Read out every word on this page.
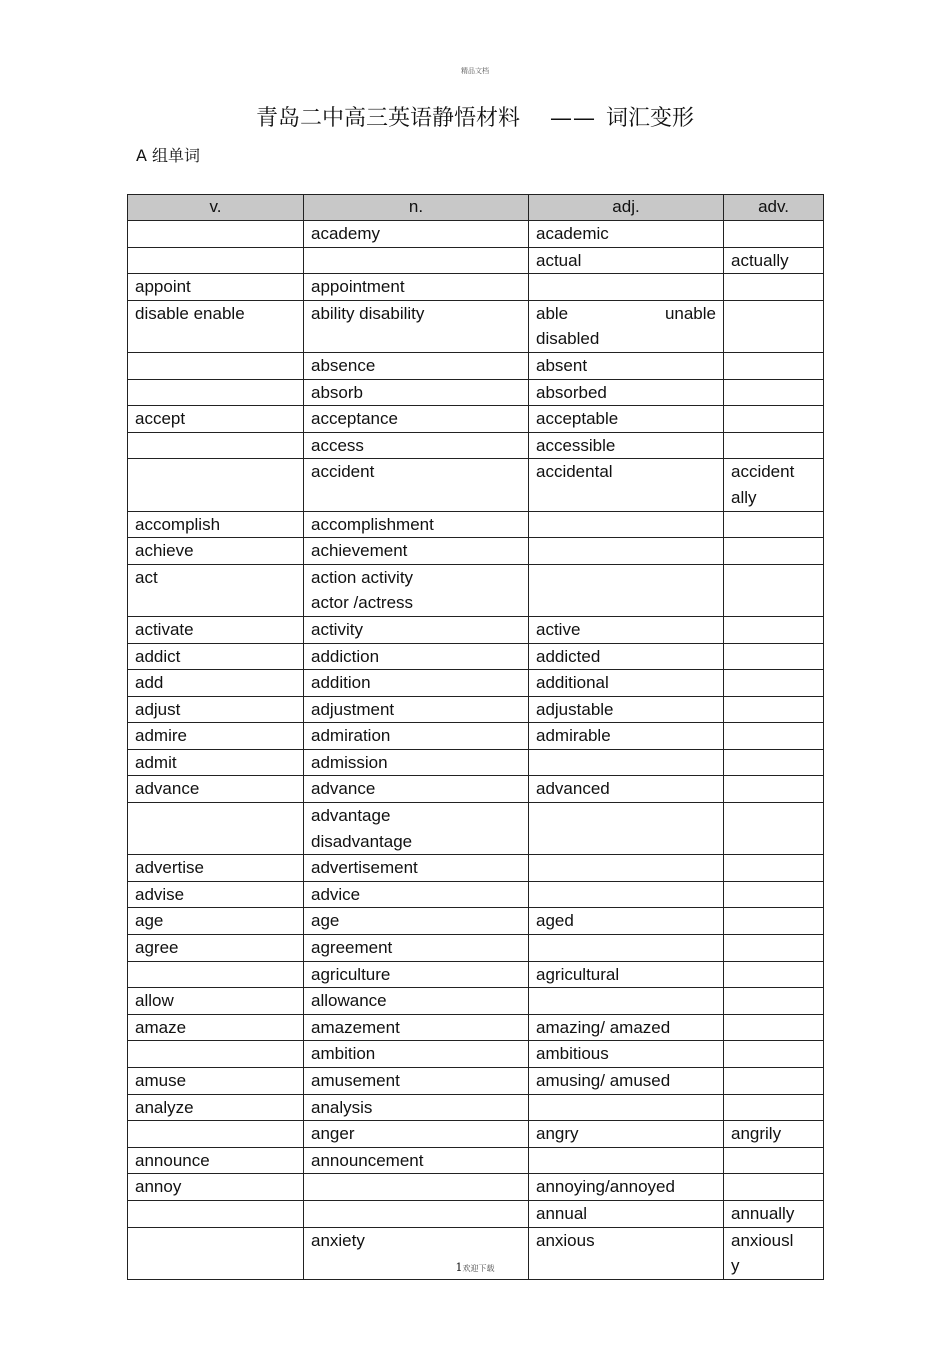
精品文档
青岛二中高三英语静悟材料 —— 词汇变形
A 组单词
v.	n.	adj.	adv.

	academy	academic	

		actual	actually

appoint	appointment		

disable enable	ability disability	able unable
disabled	

	absence	absent	

	absorb	absorbed	

accept	acceptance	acceptable	

	access	accessible	

	accident	accidental	accident
ally

accomplish	accomplishment		

achieve	achievement		

act	action activity
actor /actress		

activate	activity	active	

addict	addiction	addicted	

add	addition	additional	

adjust	adjustment	adjustable	

admire	admiration	admirable	

admit	admission		

advance	advance	advanced	

	advantage
disadvantage		

advertise	advertisement		

advise	advice		

age	age	aged	

agree	agreement		

	agriculture	agricultural	

allow	allowance		

amaze	amazement	amazing/ amazed	

	ambition	ambitious	

amuse	amusement	amusing/ amused	

analyze	analysis		

	anger	angry	angrily

announce	announcement		

annoy		annoying/annoyed	

		annual	annually

	anxiety	anxious	anxiousl
y
1欢迎下载
